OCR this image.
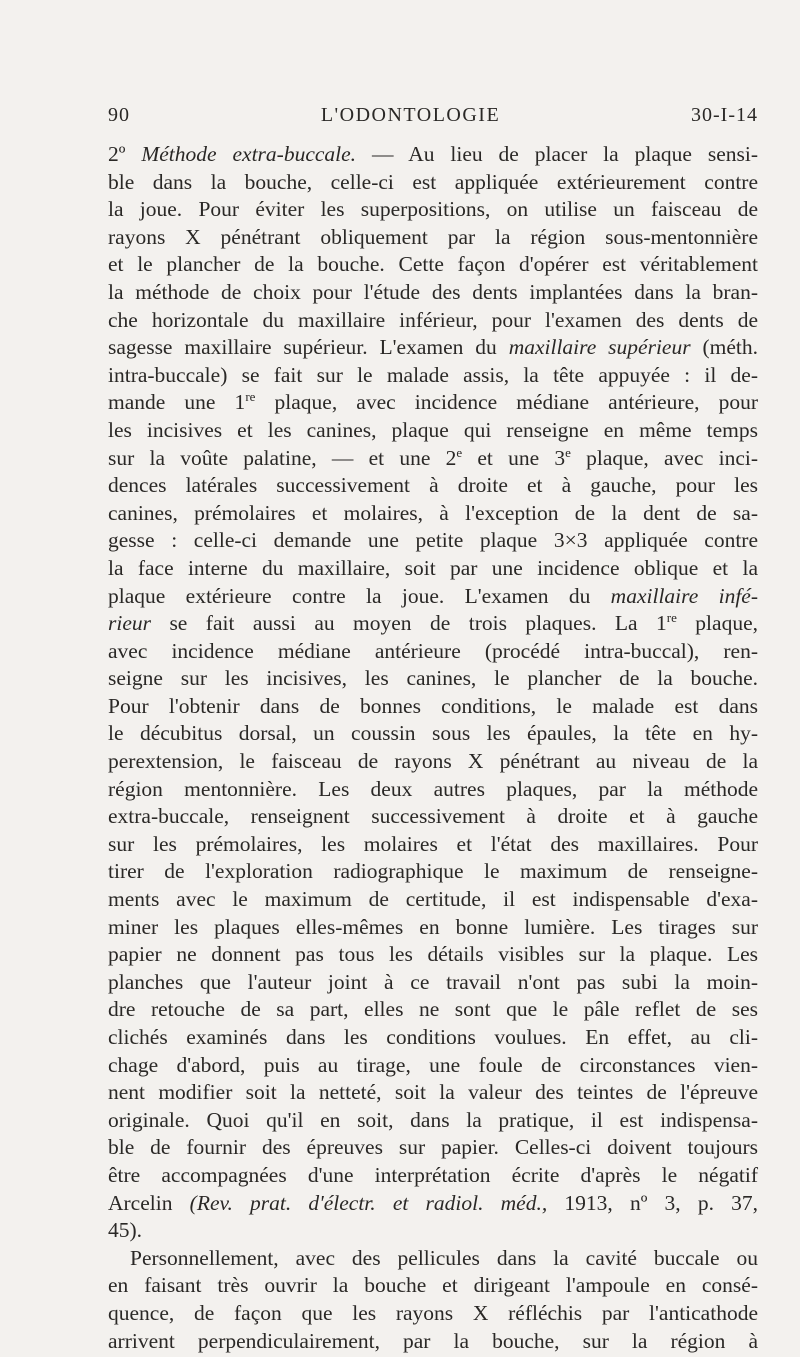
90	L'ODONTOLOGIE	30-I-14
2º Méthode extra-buccale. — Au lieu de placer la plaque sensi-
ble dans la bouche, celle-ci est appliquée extérieurement contre
la joue. Pour éviter les superpositions, on utilise un faisceau de
rayons X pénétrant obliquement par la région sous-mentonnière
et le plancher de la bouche. Cette façon d'opérer est véritablement
la méthode de choix pour l'étude des dents implantées dans la bran-
che horizontale du maxillaire inférieur, pour l'examen des dents de
sagesse maxillaire supérieur. L'examen du maxillaire supérieur (méth.
intra-buccale) se fait sur le malade assis, la tête appuyée : il de-
mande une 1re plaque, avec incidence médiane antérieure, pour
les incisives et les canines, plaque qui renseigne en même temps
sur la voûte palatine, — et une 2e et une 3e plaque, avec inci-
dences latérales successivement à droite et à gauche, pour les
canines, prémolaires et molaires, à l'exception de la dent de sa-
gesse : celle-ci demande une petite plaque 3×3 appliquée contre
la face interne du maxillaire, soit par une incidence oblique et la
plaque extérieure contre la joue. L'examen du maxillaire infé-
rieur se fait aussi au moyen de trois plaques. La 1re plaque,
avec incidence médiane antérieure (procédé intra-buccal), ren-
seigne sur les incisives, les canines, le plancher de la bouche.
Pour l'obtenir dans de bonnes conditions, le malade est dans
le décubitus dorsal, un coussin sous les épaules, la tête en hy-
perextension, le faisceau de rayons X pénétrant au niveau de la
région mentonnière. Les deux autres plaques, par la méthode
extra-buccale, renseignent successivement à droite et à gauche
sur les prémolaires, les molaires et l'état des maxillaires. Pour
tirer de l'exploration radiographique le maximum de renseigne-
ments avec le maximum de certitude, il est indispensable d'exa-
miner les plaques elles-mêmes en bonne lumière. Les tirages sur
papier ne donnent pas tous les détails visibles sur la plaque. Les
planches que l'auteur joint à ce travail n'ont pas subi la moin-
dre retouche de sa part, elles ne sont que le pâle reflet de ses
clichés examinés dans les conditions voulues. En effet, au cli-
chage d'abord, puis au tirage, une foule de circonstances vien-
nent modifier soit la netteté, soit la valeur des teintes de l'épreuve
originale. Quoi qu'il en soit, dans la pratique, il est indispensa-
ble de fournir des épreuves sur papier. Celles-ci doivent toujours
être accompagnées d'une interprétation écrite d'après le négatif
Arcelin (Rev. prat. d'électr. et radiol. méd., 1913, nº 3, p. 37,
45).
Personnellement, avec des pellicules dans la cavité buccale ou
en faisant très ouvrir la bouche et dirigeant l'ampoule en consé-
quence, de façon que les rayons X réfléchis par l'anticathode
arrivent perpendiculairement, par la bouche, sur la région à
